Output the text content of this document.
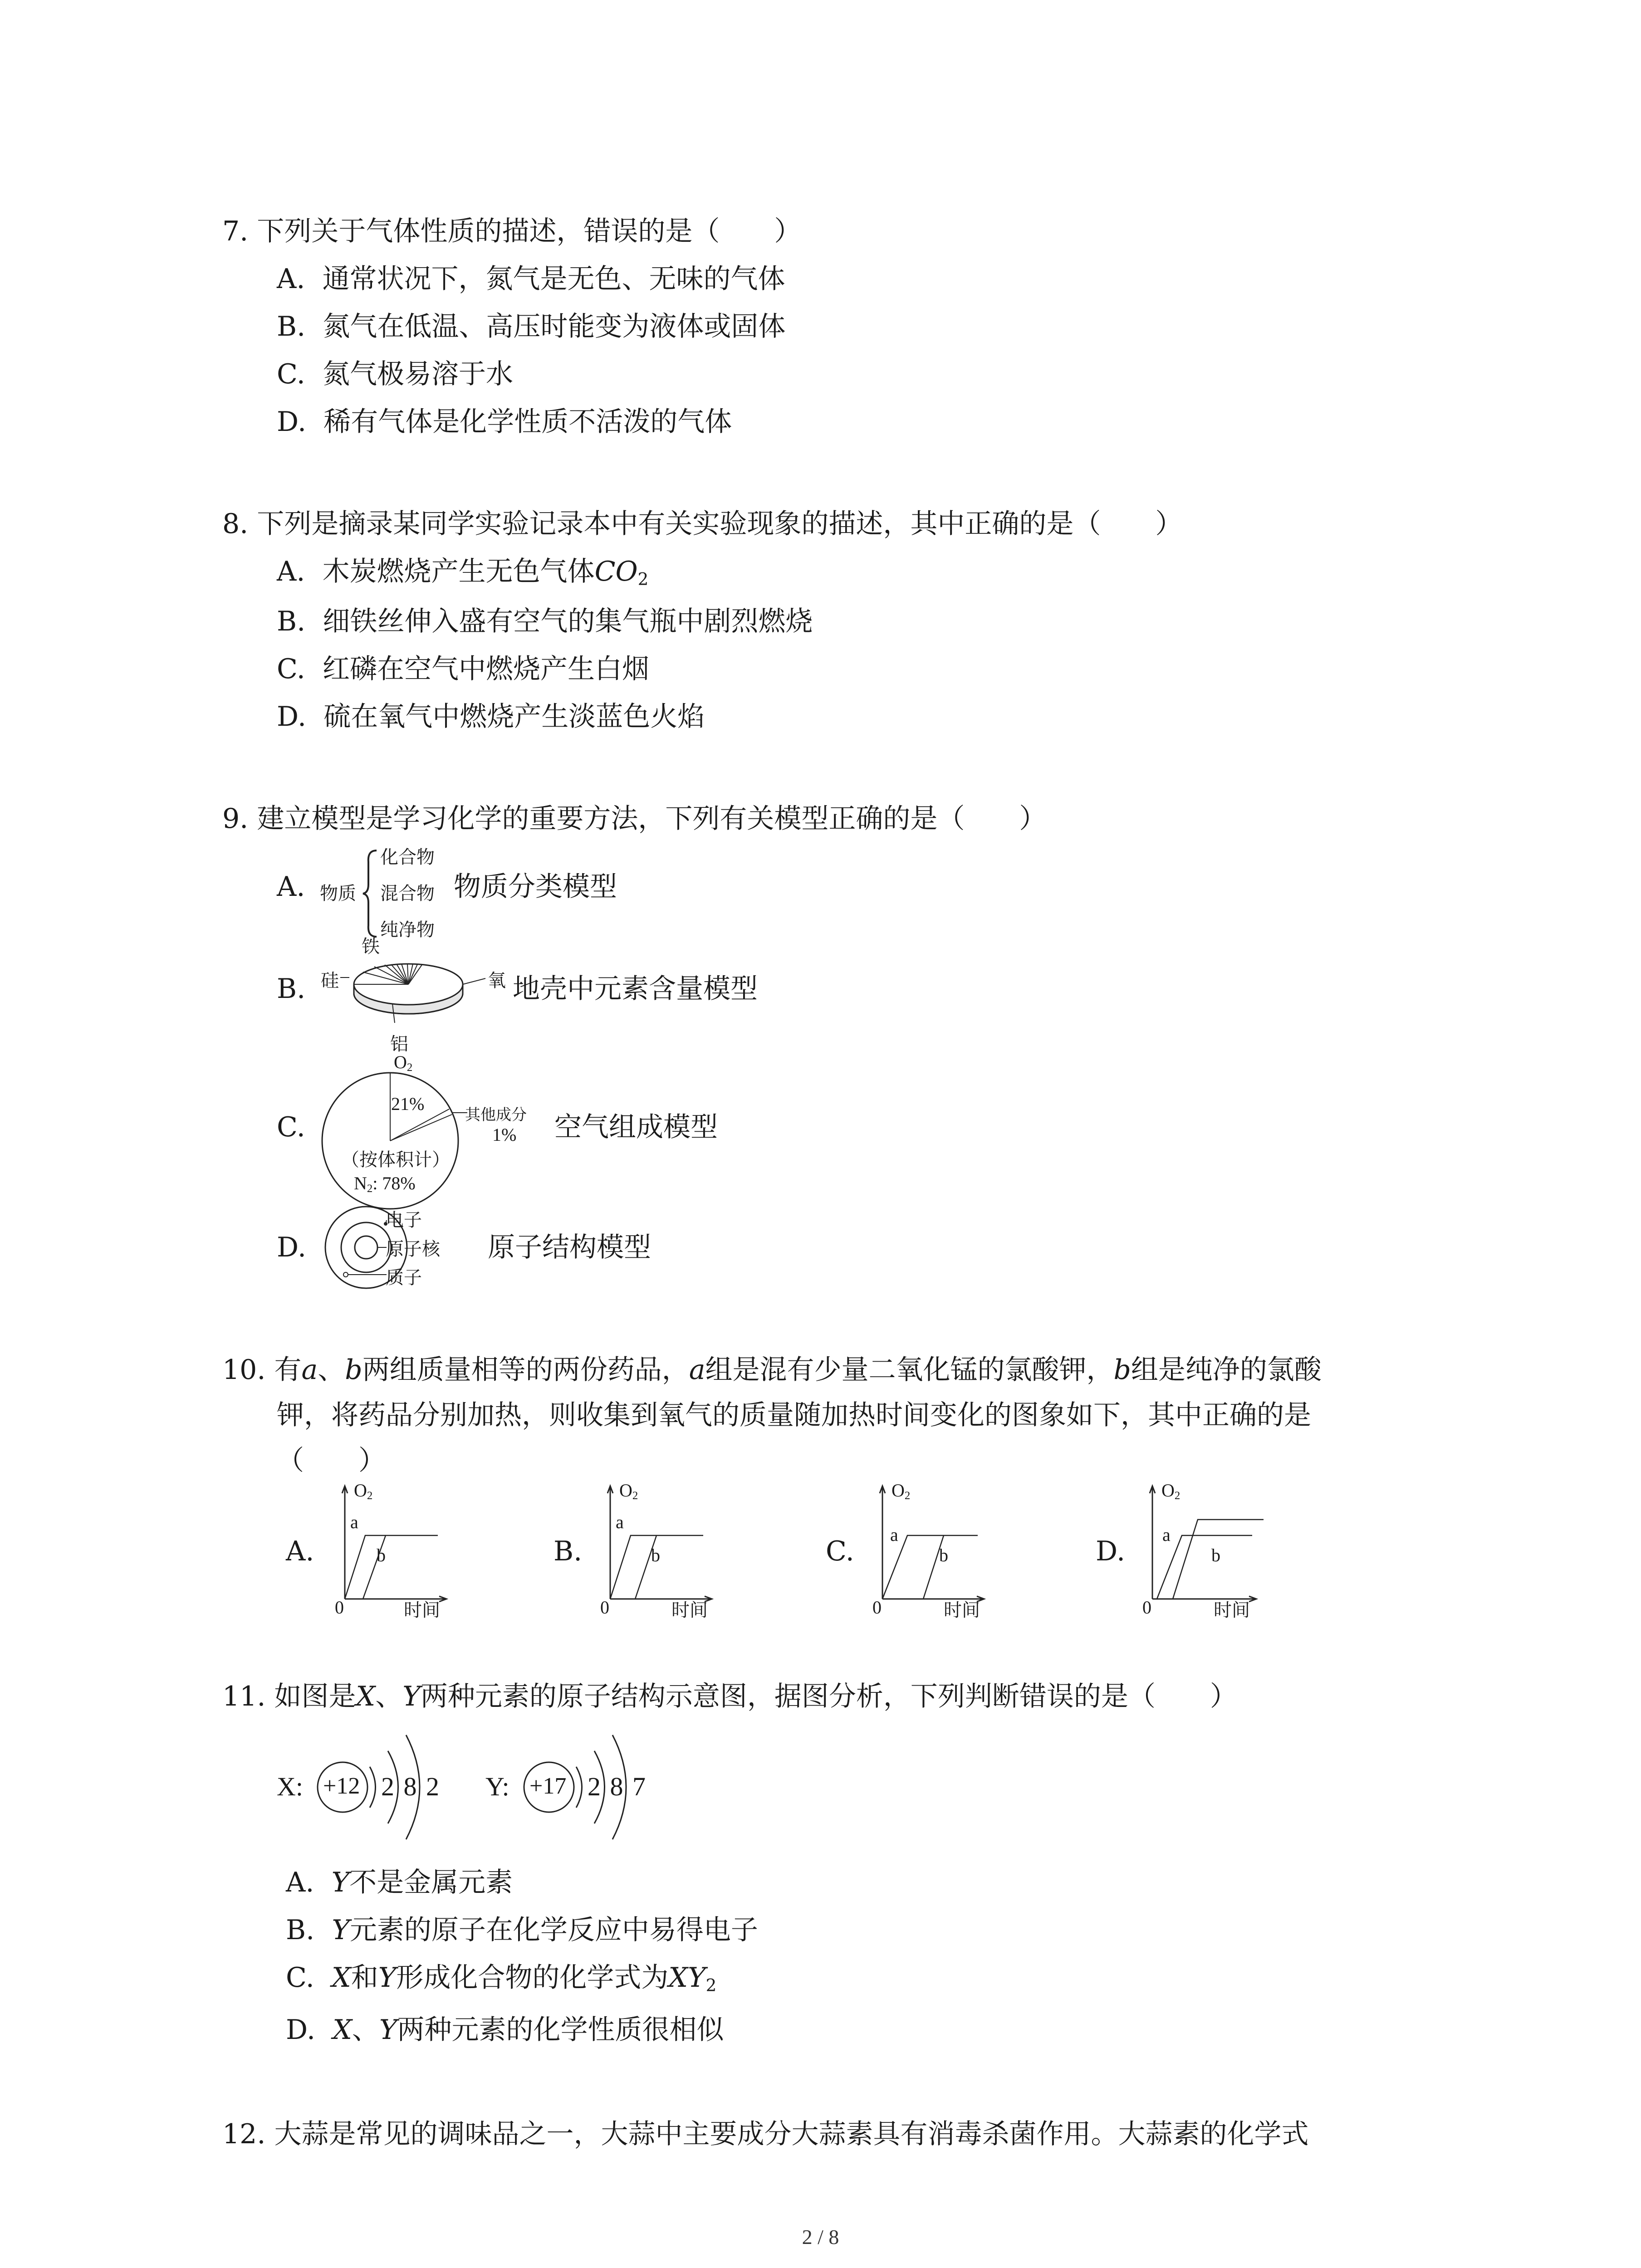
7. 下列关于气体性质的描述，错误的是（　　）
A. 通常状况下，氮气是无色、无味的气体
B. 氮气在低温、高压时能变为液体或固体
C. 氮气极易溶于水
D. 稀有气体是化学性质不活泼的气体
8. 下列是摘录某同学实验记录本中有关实验现象的描述，其中正确的是（　　）
A. 木炭燃烧产生无色气体$CO_2$
B. 细铁丝伸入盛有空气的集气瓶中剧烈燃烧
C. 红磷在空气中燃烧产生白烟
D. 硫在氧气中燃烧产生淡蓝色火焰
9. 建立模型是学习化学的重要方法，下列有关模型正确的是（　　）
A. 物质
化合物
混合物
纯净物
物质分类模型
B.
铁
硅	氧
铝
地壳中元素含量模型
C.
$O_2$
21%
其他成分
1%
（按体积计）
$N_2$: 78%
空气组成模型
D.
电子
原子核
质子
原子结构模型
10. 有a、b两组质量相等的两份药品，a组是混有少量二氧化锰的氯酸钾，b组是纯净的氯酸
钾，将药品分别加热，则收集到氧气的质量随加热时间变化的图象如下，其中正确的是
（　　）
A.
$O_2$
a
b
0	时间
B.
$O_2$
a
b
0	时间
C.
$O_2$
a
b
0	时间
D.
$O_2$
a
b
0	时间
11. 如图是X、Y两种元素的原子结构示意图，据图分析，下列判断错误的是（　　）
X: +12 2 8 2 Y: +17 2 8 7
A. Y不是金属元素
B. Y元素的原子在化学反应中易得电子
C. X和Y形成化合物的化学式为$XY_2$
D. X、Y两种元素的化学性质很相似
12. 大蒜是常见的调味品之一，大蒜中主要成分大蒜素具有消毒杀菌作用。大蒜素的化学式
2 / 8
